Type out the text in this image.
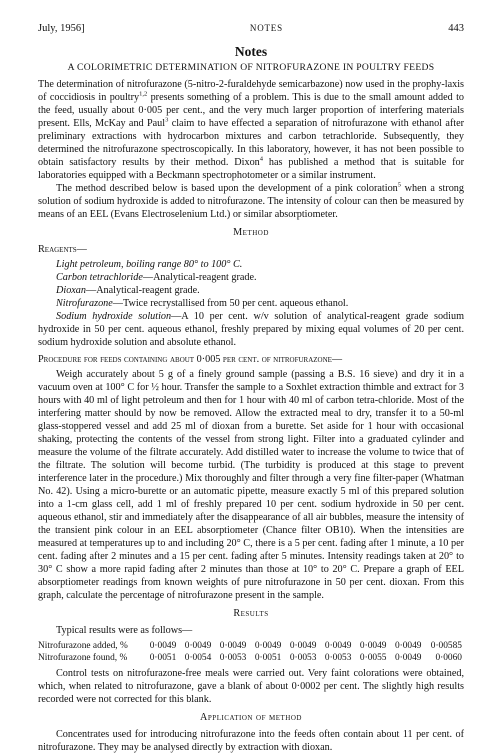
July, 1956]	NOTES	443
Notes
A COLORIMETRIC DETERMINATION OF NITROFURAZONE IN POULTRY FEEDS

The determination of nitrofurazone (5-nitro-2-furaldehyde semicarbazone) now used in the prophy-laxis of coccidiosis in poultry$^{1,2}$ presents something of a problem. This is due to the small amount added to the feed, usually about 0·005 per cent., and the very much larger proportion of interfering materials present. Ells, McKay and Paul$^3$ claim to have effected a separation of nitrofurazone with ethanol after preliminary extractions with hydrocarbon mixtures and carbon tetrachloride. Subsequently, they determined the nitrofurazone spectroscopically. In this laboratory, however, it has not been possible to obtain satisfactory results by their method. Dixon$^4$ has published a method that is suitable for laboratories equipped with a Beckmann spectrophotometer or a similar instrument.

The method described below is based upon the development of a pink coloration$^5$ when a strong solution of sodium hydroxide is added to nitrofurazone. The intensity of colour can then be measured by means of an EEL (Evans Electroselenium Ltd.) or similar absorptiometer.

Method
Reagents—

Light petroleum, boiling range 80° to 100° C.

Carbon tetrachloride—Analytical-reagent grade.

Dioxan—Analytical-reagent grade.

Nitrofurazone—Twice recrystallised from 50 per cent. aqueous ethanol.

Sodium hydroxide solution—A 10 per cent. w/v solution of analytical-reagent grade sodium hydroxide in 50 per cent. aqueous ethanol, freshly prepared by mixing equal volumes of 20 per cent. sodium hydroxide solution and absolute ethanol.

Procedure for feeds containing about 0·005 per cent. of nitrofurazone—

Weigh accurately about 5 g of a finely ground sample (passing a B.S. 16 sieve) and dry it in a vacuum oven at 100° C for ½ hour. Transfer the sample to a Soxhlet extraction thimble and extract for 3 hours with 40 ml of light petroleum and then for 1 hour with 40 ml of carbon tetra-chloride. Most of the interfering matter should by now be removed. Allow the extracted meal to dry, transfer it to a 50-ml glass-stoppered vessel and add 25 ml of dioxan from a burette. Set aside for 1 hour with occasional shaking, protecting the contents of the vessel from strong light. Filter into a graduated cylinder and measure the volume of the filtrate accurately. Add distilled water to increase the volume to twice that of the filtrate. The solution will become turbid. (The turbidity is produced at this stage to prevent interference later in the procedure.) Mix thoroughly and filter through a very fine filter-paper (Whatman No. 42). Using a micro-burette or an automatic pipette, measure exactly 5 ml of this prepared solution into a 1-cm glass cell, add 1 ml of freshly prepared 10 per cent. sodium hydroxide in 50 per cent. aqueous ethanol, stir and immediately after the disappearance of all air bubbles, measure the intensity of the transient pink colour in an EEL absorptiometer (Chance filter OB10). When the intensities are measured at temperatures up to and including 20° C, there is a 5 per cent. fading after 1 minute, a 10 per cent. fading after 2 minutes and a 15 per cent. fading after 5 minutes. Intensity readings taken at 20° to 30° C show a more rapid fading after 2 minutes than those at 10° to 20° C. Prepare a graph of EEL absorptiometer readings from known weights of pure nitrofurazone in 50 per cent. dioxan. From this graph, calculate the percentage of nitrofurazone present in the sample.

Results

Typical results were as follows—

Nitrofurazone added, %	0·0049	0·0049	0·0049	0·0049	0·0049	0·0049	0·0049	0·0049	0·00585
Nitrofurazone found, %	0·0051	0·0054	0·0053	0·0051	0·0053	0·0053	0·0055	0·0049	0·0060

Control tests on nitrofurazone-free meals were carried out. Very faint colorations were obtained, which, when related to nitrofurazone, gave a blank of about 0·0002 per cent. The slightly high results recorded were not corrected for this blank.

Application of method

Concentrates used for introducing nitrofurazone into the feeds often contain about 11 per cent. of nitrofurazone. They may be analysed directly by extraction with dioxan.
